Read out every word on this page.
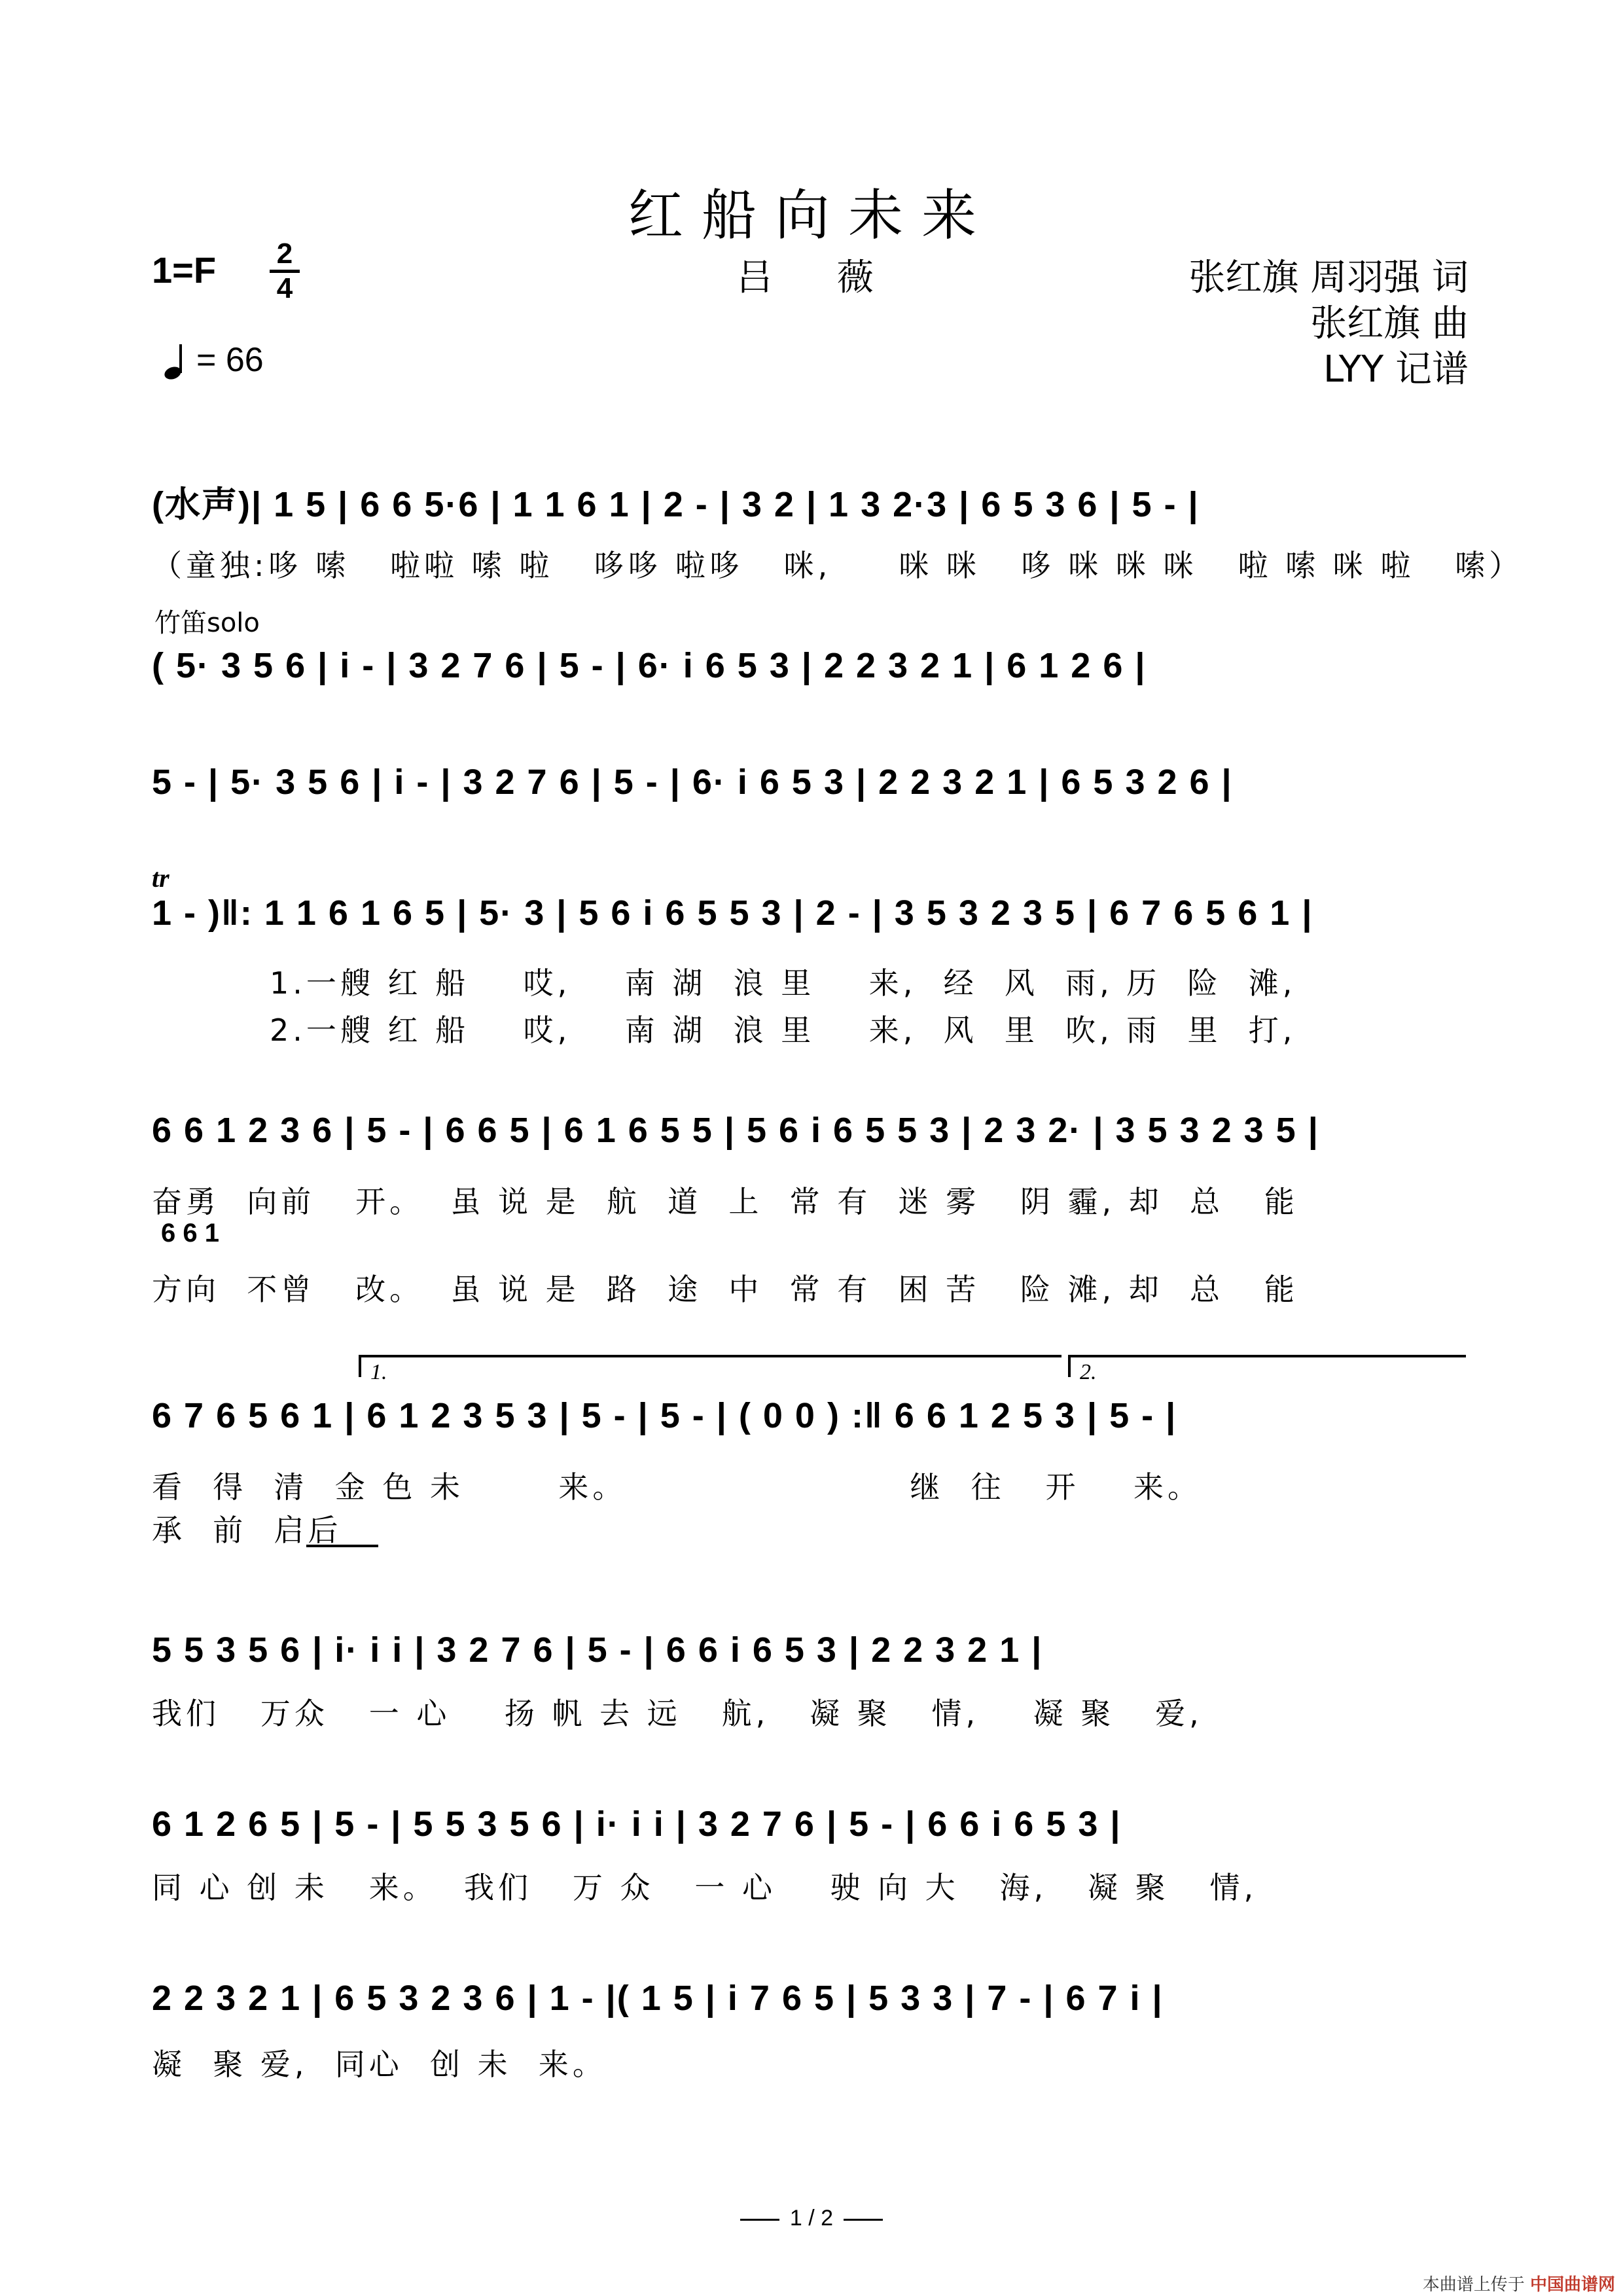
红船向未来
1=F 2
4	吕 薇	张红旗 周羽强 词
张红旗 曲
LYY 记谱
= 66
(水声)| 1 5 | 6 6 5·6 | 1 1 6 1 | 2 - | 3 2 | 1 3 2·3 | 6 5 3 6 | 5 - |
（童独:哆 嗦   啦啦 嗦 啦   哆哆 啦哆   咪,     咪 咪   哆 咪 咪 咪   啦 嗦 咪 啦   嗦）
竹笛solo
( 5· 3 5 6 | i - | 3 2 7 6 | 5 - | 6· i 6 5 3 | 2 2 3 2 1 | 6 1 2 6 |
5 - | 5· 3 5 6 | i - | 3 2 7 6 | 5 - | 6· i 6 5 3 | 2 2 3 2 1 | 6 5 3 2 6 |
tr
1 - )‖: 1 1 6 1 6 5 | 5· 3 | 5 6 i 6 5 5 3 | 2 - | 3 5 3 2 3 5 | 6 7 6 5 6 1 |
1.一艘 红 船    哎,    南 湖  浪 里    来,  经  风  雨, 历  险  滩,
2.一艘 红 船    哎,    南 湖  浪 里    来,  风  里  吹, 雨  里  打,
6 6 1 2 3 6 | 5 - | 6 6 5 | 6 1 6 5 5 | 5 6 i 6 5 5 3 | 2 3 2· | 3 5 3 2 3 5 |
奋勇  向前   开。  虽 说 是  航  道  上  常 有  迷 雾   阴 霾, 却  总   能
6 6 1
方向  不曾   改。  虽 说 是  路  途  中  常 有  困 苦   险 滩, 却  总   能
1.	2.
6 7 6 5 6 1 | 6 1 2 3 5 3 | 5 - | 5 - | ( 0 0 ) :‖ 6 6 1 2 5 3 | 5 - |
看  得  清  金 色 未       来。                     继  往   开    来。
承  前  启后
5 5 3 5 6 | i· i i | 3 2 7 6 | 5 - | 6 6 i 6 5 3 | 2 2 3 2 1 |
我们   万众   一 心    扬 帆 去 远   航,   凝 聚   情,    凝 聚   爱,
6 1 2 6 5 | 5 - | 5 5 3 5 6 | i· i i | 3 2 7 6 | 5 - | 6 6 i 6 5 3 |
同 心 创 未   来。  我们   万 众   一 心    驶 向 大   海,   凝 聚   情,
2 2 3 2 1 | 6 5 3 2 3 6 | 1 - |( 1 5 | i 7 6 5 | 5 3 3 | 7 - | 6 7 i |
凝  聚 爱,  同心  创 未  来。
1 / 2
本曲谱上传于 中国曲谱网
